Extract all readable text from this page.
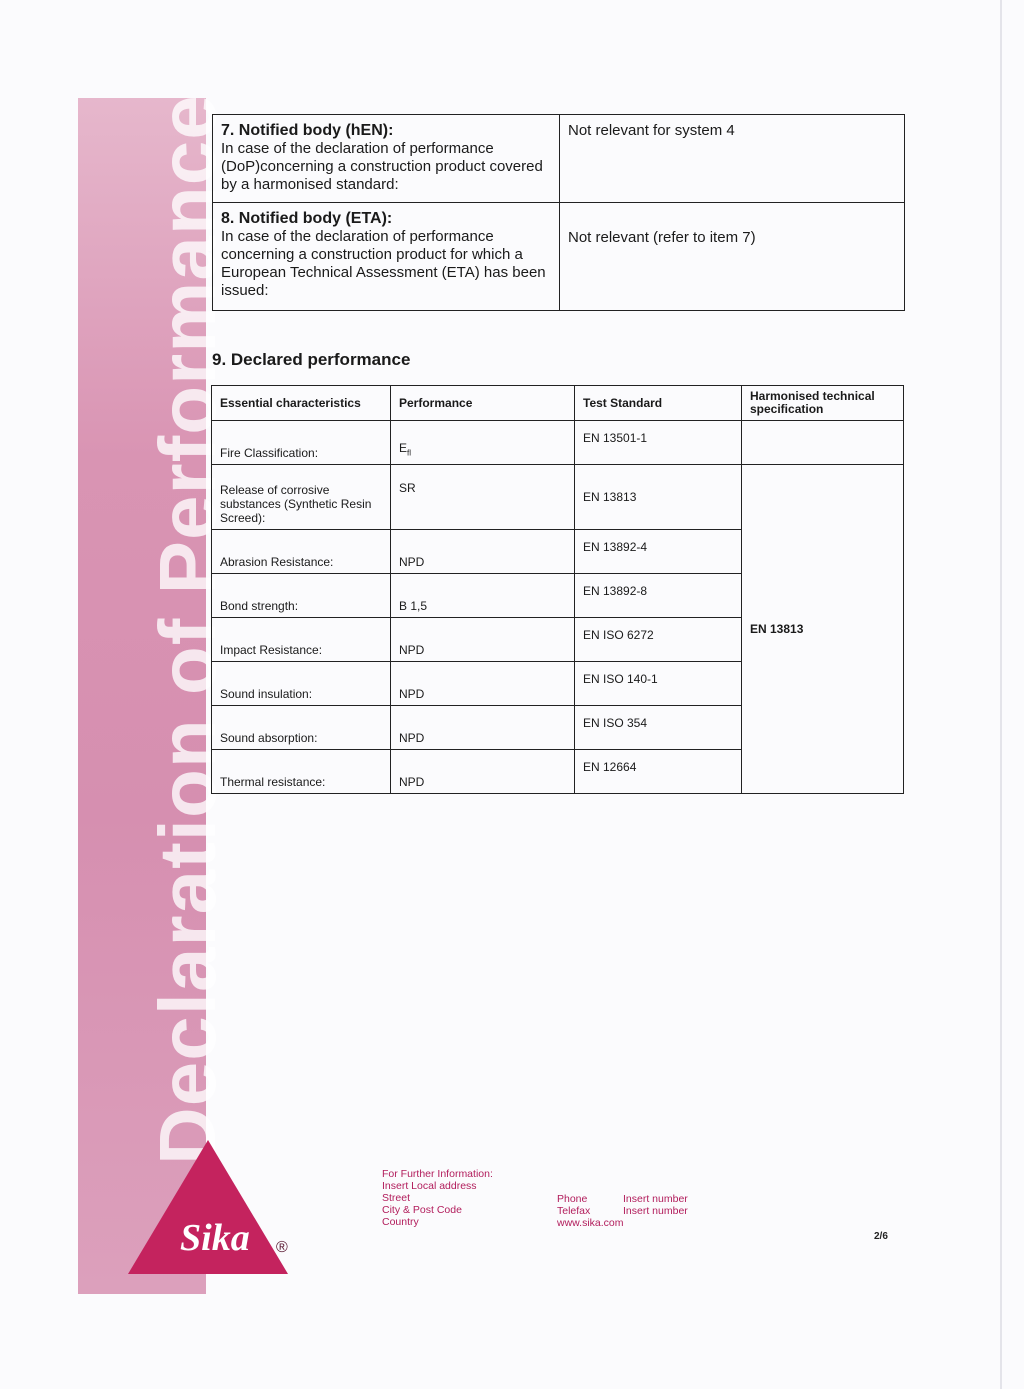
Declaration of Performance
Sika ®
7. Notified body (hEN):
In case of the declaration of performance (DoP)concerning a construction product covered by a harmonised standard:	Not relevant for system 4

8. Notified body (ETA):
In case of the declaration of performance concerning a construction product for which a European Technical Assessment (ETA) has been issued:	Not relevant (refer to item 7)
9. Declared performance
Essential characteristics	Performance	Test Standard	Harmonised technical specification
Fire Classification:	$E_{fl}$	EN 13501-1	
Release of corrosive substances (Synthetic Resin Screed):	SR	EN 13813	EN 13813
Abrasion Resistance:	NPD	EN 13892-4	
Bond strength:	B 1,5	EN 13892-8	
Impact Resistance:	NPD	EN ISO 6272	
Sound insulation:	NPD	EN ISO 140-1	
Sound absorption:	NPD	EN ISO 354	
Thermal resistance:	NPD	EN 12664	
For Further Information:
Insert Local address
Street
City & Post Code
Country
Phone	Insert number
Telefax	Insert number
www.sika.com
2/6
